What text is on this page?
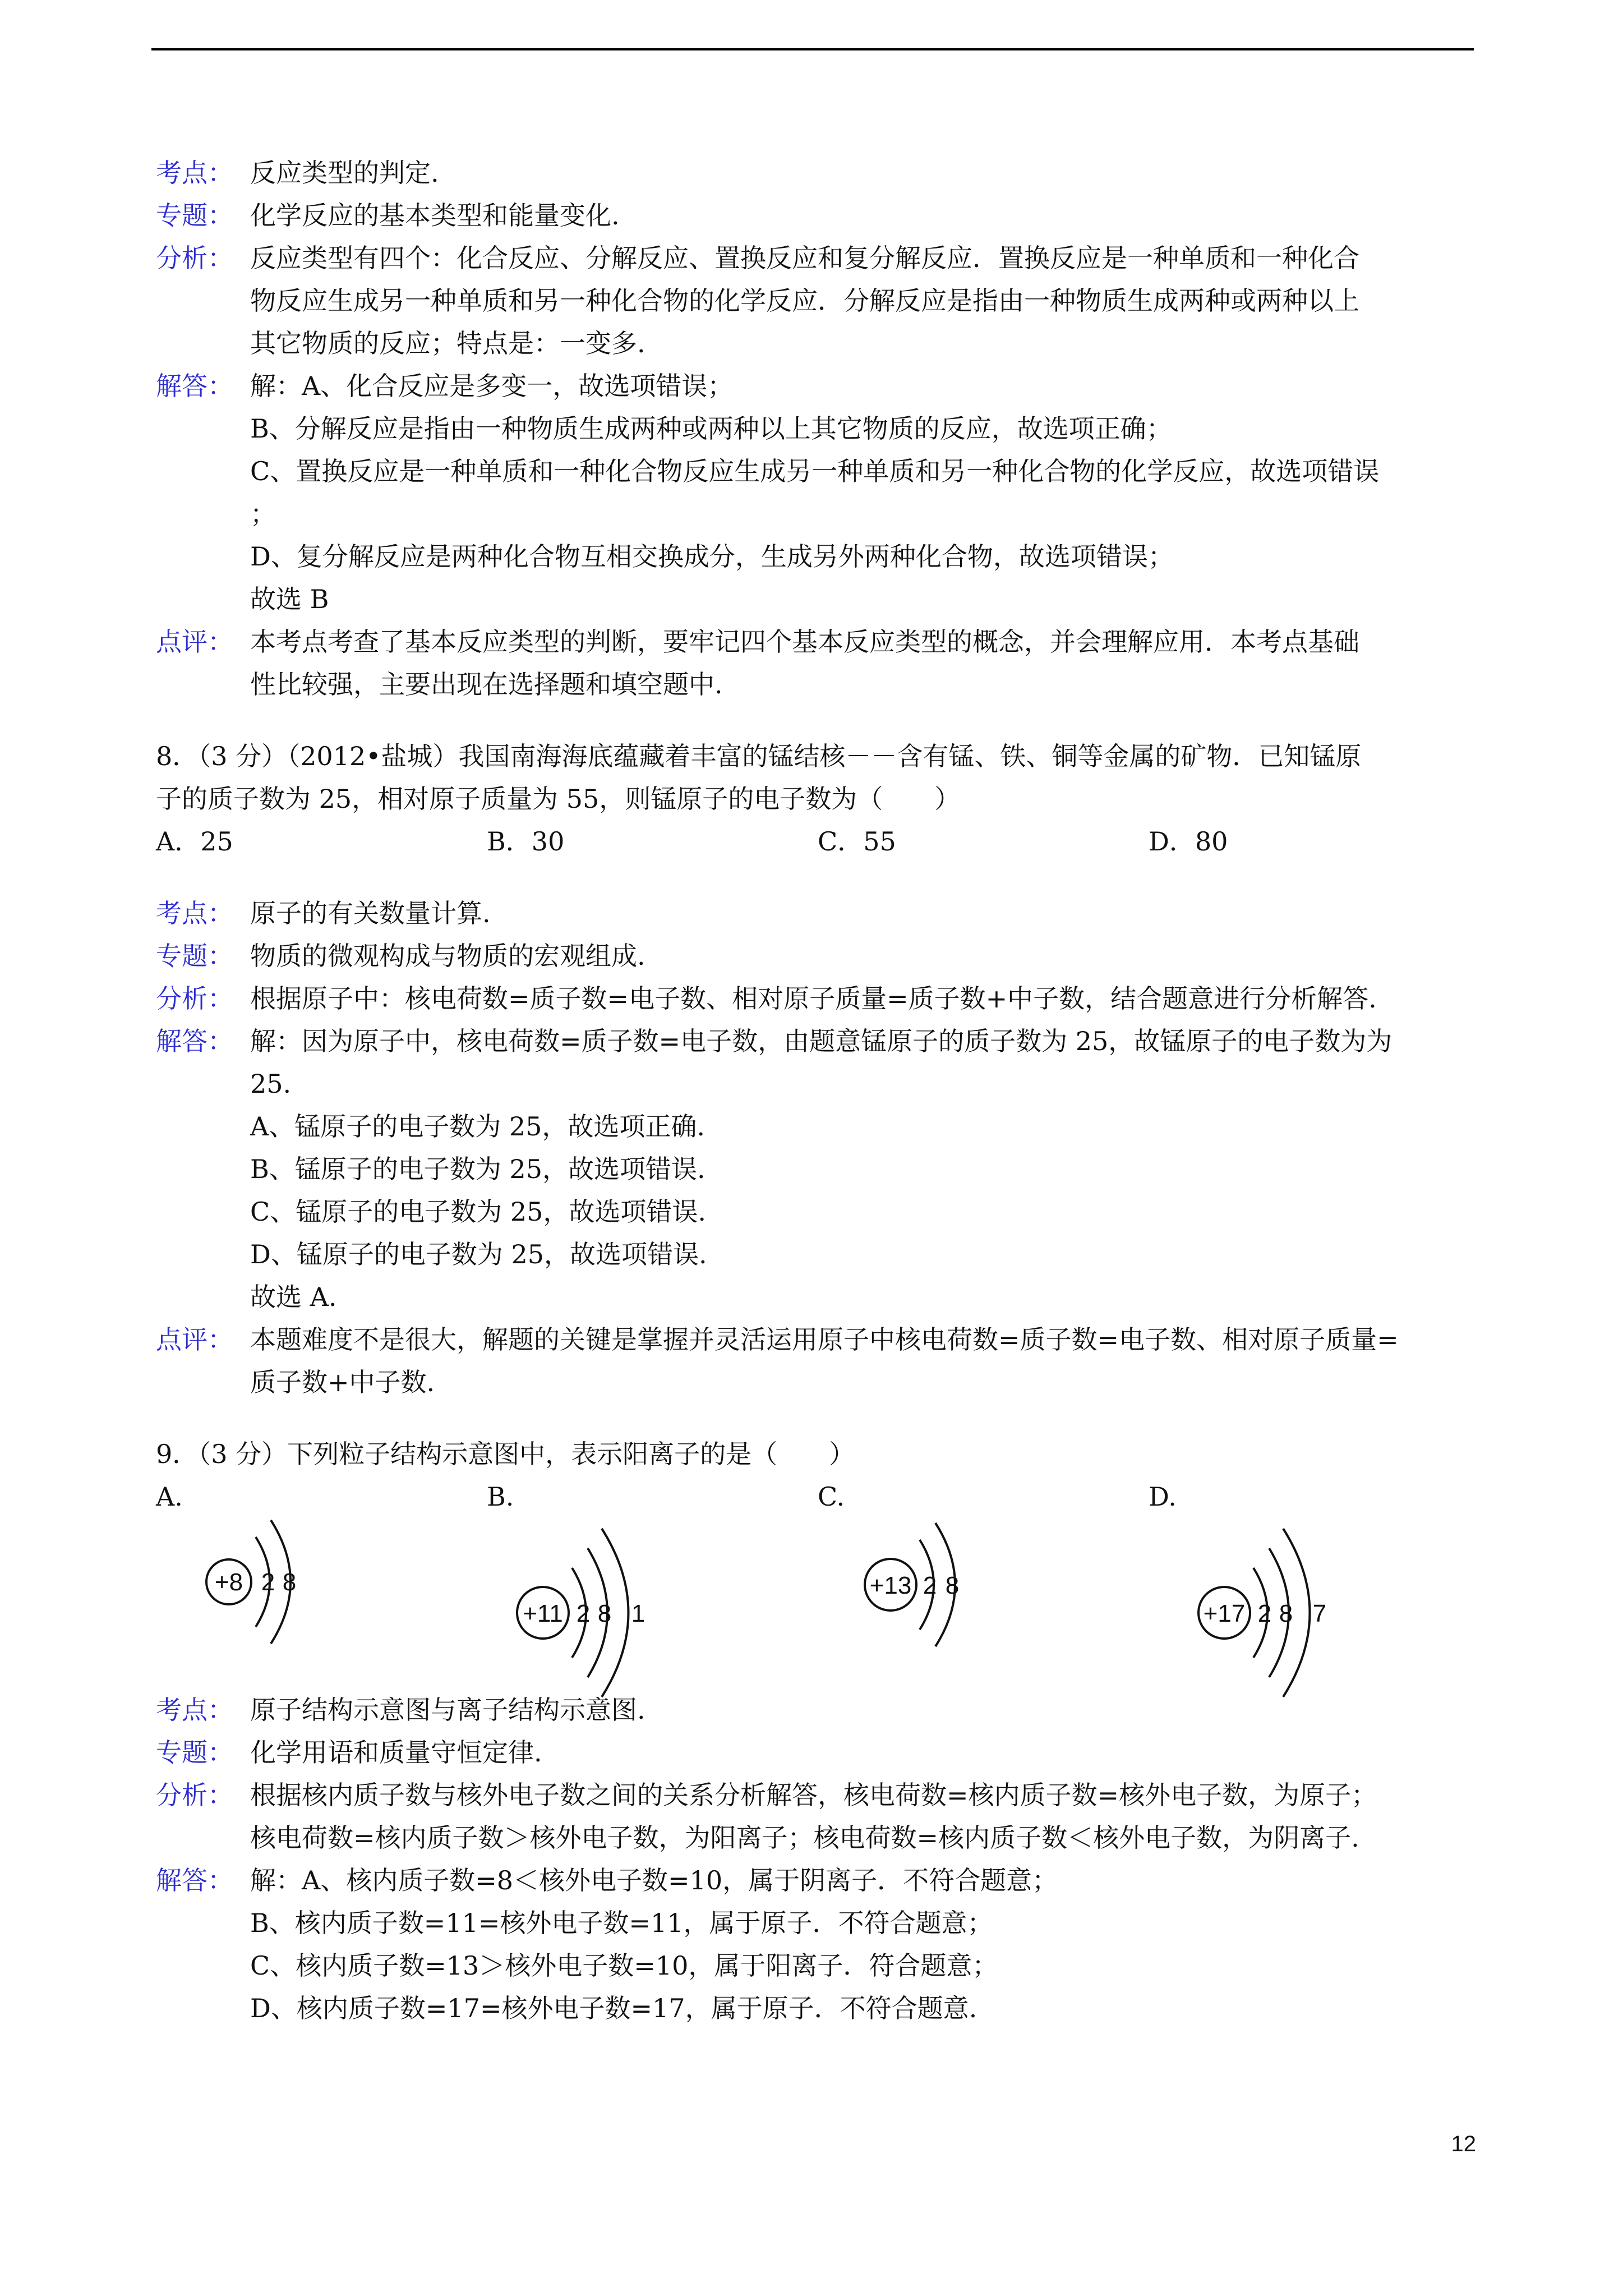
考点： 反应类型的判定.
专题： 化学反应的基本类型和能量变化.
分析： 反应类型有四个：化合反应、分解反应、置换反应和复分解反应．置换反应是一种单质和一种化合
物反应生成另一种单质和另一种化合物的化学反应．分解反应是指由一种物质生成两种或两种以上
其它物质的反应；特点是：一变多.
解答： 解：A、化合反应是多变一，故选项错误；
B、分解反应是指由一种物质生成两种或两种以上其它物质的反应，故选项正确；
C、置换反应是一种单质和一种化合物反应生成另一种单质和另一种化合物的化学反应，故选项错误
；
D、复分解反应是两种化合物互相交换成分，生成另外两种化合物，故选项错误；
故选 B
点评： 本考点考查了基本反应类型的判断，要牢记四个基本反应类型的概念，并会理解应用．本考点基础
性比较强，主要出现在选择题和填空题中.
8．（3 分）（2012•盐城）我国南海海底蕴藏着丰富的锰结核－－含有锰、铁、铜等金属的矿物．已知锰原
子的质子数为 25，相对原子质量为 55，则锰原子的电子数为（　　）
A．25	B．30	C．55	D．80
考点： 原子的有关数量计算.
专题： 物质的微观构成与物质的宏观组成.
分析： 根据原子中：核电荷数=质子数=电子数、相对原子质量=质子数+中子数，结合题意进行分析解答.
解答： 解：因为原子中，核电荷数=质子数=电子数，由题意锰原子的质子数为 25，故锰原子的电子数为为
25.
A、锰原子的电子数为 25，故选项正确.
B、锰原子的电子数为 25，故选项错误.
C、锰原子的电子数为 25，故选项错误.
D、锰原子的电子数为 25，故选项错误.
故选 A.
点评： 本题难度不是很大，解题的关键是掌握并灵活运用原子中核电荷数=质子数=电子数、相对原子质量=
质子数+中子数.
9．（3 分）下列粒子结构示意图中，表示阳离子的是（　　）
A.
+8 2 8
B.
+11 2 8 1
C.
+13 2 8
D.
+17 2 8 7
考点： 原子结构示意图与离子结构示意图.
专题： 化学用语和质量守恒定律.
分析： 根据核内质子数与核外电子数之间的关系分析解答，核电荷数=核内质子数=核外电子数，为原子；
核电荷数=核内质子数＞核外电子数，为阳离子；核电荷数=核内质子数＜核外电子数，为阴离子.
解答： 解：A、核内质子数=8＜核外电子数=10，属于阴离子．不符合题意；
B、核内质子数=11=核外电子数=11，属于原子．不符合题意；
C、核内质子数=13＞核外电子数=10，属于阳离子．符合题意；
D、核内质子数=17=核外电子数=17，属于原子．不符合题意.
12
